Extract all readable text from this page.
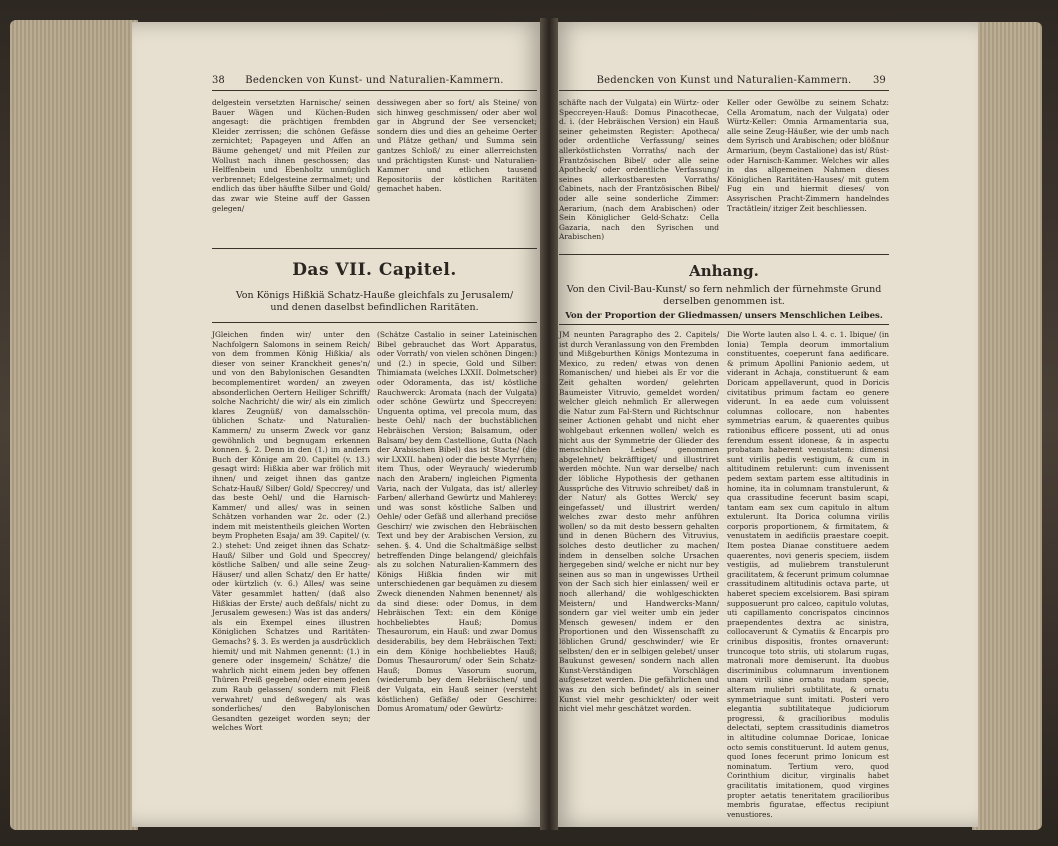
38	Bedencken von Kunst- und Naturalien-Kammern.

delgestein versetzten Harnische/ seinen Bauer Wägen und Küchen-Buden angesagt: die prächtigen frembden Kleider zerrissen; die schönen Gefässe zernichtet; Papageyen und Affen an Bäume gehenget/ und mit Pfeilen zur Wollust nach ihnen geschossen; das Helffenbein und Ebenholtz unmüglich verbrennet; Edelgesteine zermalmet; und endlich das über häuffte Silber und Gold/ das zwar wie Steine auff der Gassen gelegen/

dessiwegen aber so fort/ als Steine/ von sich hinweg geschmissen/ oder aber wol gar in Abgrund der See versencket; sondern dies und dies an geheime Oerter und Plätze gethan/ und Summa sein gantzes Schloß/ zu einer allerreichsten und prächtigsten Kunst- und Naturalien-Kammer und etlichen tausend Repositoriis der köstlichen Raritäten gemachet haben.

Das VII. Capitel.
Von Königs Hißkiä Schatz-Hauße gleichfals zu Jerusalem/
und denen daselbst befindlichen Raritäten.

JGleichen finden wir/ unter den Nachfolgern Salomons in seinem Reich/ von dem frommen König Hißkia/ als dieser von seiner Kranckheit genes'n/ und von den Babylonischen Gesandten becomplementiret worden/ an zweyen absonderlichen Oertern Heiliger Schrifft/ solche Nachricht/ die wir/ als ein zimlich klares Zeugnüß/ von damalsschön-üblichen Schatz- und Naturalien-Kammern/ zu unserm Zweck vor ganz gewöhnlich und begnugam erkennen konnen. §. 2. Denn in den (1.) im andern Buch der Könige am 20. Capitel (v. 13.) gesagt wird: Hißkia aber war frölich mit ihnen/ und zeiget ihnen das gantze Schatz-Hauß/ Silber/ Gold/ Speccrey/ und das beste Oehl/ und die Harnisch-Kammer/ und alles/ was in seinen Schätzen vorhanden war 2c. oder (2.) indem mit meistentheils gleichen Worten beym Propheten Esaja/ am 39. Capitel/ (v. 2.) stehet: Und zeiget ihnen das Schatz-Hauß/ Silber und Gold und Speccrey/ köstliche Salben/ und alle seine Zeug-Häuser/ und allen Schatz/ den Er hatte/ oder kürtzlich (v. 6.) Alles/ was seine Väter gesammlet hatten/ (daß also Hißkias der Erste/ auch deßfals/ nicht zu Jerusalem gewesen:) Was ist das anders/ als ein Exempel eines illustren Königlichen Schatzes und Raritäten-Gemachs? §. 3. Es werden ja ausdrücklich hiemit/ und mit Nahmen genennt: (1.) in genere oder insgemein/ Schätze/ die wahrlich nicht einem jeden bey offenen Thüren Preiß gegeben/ oder einem jeden zum Raub gelassen/ sondern mit Fleiß verwahret/ und deßwegen/ als was sonderliches/ den Babylonischen Gesandten gezeiget worden seyn; der welches Wort

(Schätze Castalio in seiner Lateinischen Bibel gebrauchet das Wort Apparatus, oder Vorrath/ von vielen schönen Dingen:) und (2.) in specie, Gold und Silber: Thimiamata (welches LXXII. Dolmetscher) oder Odoramenta, das ist/ köstliche Rauchwerck: Aromata (nach der Vulgata) oder schöne Gewürtz und Speccreyen: Unguenta optima, vel precola mum, das beste Oehl/ nach der buchstäblichen Hebräischen Version; Balsamum, oder Balsam/ bey dem Castellione, Gutta (Nach der Arabischen Bibel) das ist Stacte/ (die wir LXXII. haben) oder die beste Myrrhen; item Thus, oder Weyrauch/ wiederumb nach den Arabern/ ingleichen Pigmenta Varia, nach der Vulgata, das ist/ allerley Farben/ allerhand Gewürtz und Mahlerey: und was sonst köstliche Salben und Oehle/ oder Gefäß und allerhand preciöse Geschirr/ wie zwischen den Hebräischen Text und bey der Arabischen Version, zu sehen. §. 4. Und die Schaltmäßige selbst betreffenden Dinge belangend/ gleichfals als zu solchen Naturalien-Kammern des Königs Hißkia finden wir mit unterschiedenen gar bequämen zu diesem Zweck dienenden Nahmen benennet/ als da sind diese: oder Domus, in dem Hebräischen Text: ein dem Könige hochbeliebtes Hauß; Domus Thesaurorum, ein Hauß: und zwar Domus desiderabilis, bey dem Hebräischen Text: ein dem Könige hochbeliebtes Hauß; Domus Thesaurorum/ oder Sein Schatz-Hauß; Domus Vasorum suorum, (wiederumb bey dem Hebräischen/ und der Vulgata, ein Hauß seiner (versteht köstlichen) Gefäße/ oder Geschirre: Domus Aromatum/ oder Gewürtz-

Bedencken von Kunst und Naturalien-Kammern.	39

schäfte nach der Vulgata) ein Würtz- oder Speccreyen-Hauß: Domus Pinacothecae, d. i. (der Hebräischen Version) ein Hauß seiner geheimsten Register: Apotheca/ oder ordentliche Verfassung/ seines allerköstlichsten Vorraths/ nach der Frantzösischen Bibel/ oder alle seine Apotheck/ oder ordentliche Verfassung/ seines allerkostbaresten Vorraths/ Cabinets, nach der Frantzösischen Bibel/ oder alle seine sonderliche Zimmer: Aerarium, (nach dem Arabischen) oder Sein Königlicher Geld-Schatz: Cella Gazaria, nach den Syrischen und Arabischen)

Keller oder Gewölbe zu seinem Schatz: Cella Aromatum, nach der Vulgata) oder Würtz-Keller: Omnia Armamentaria sua, alle seine Zeug-Häußer, wie der umb nach dem Syrisch und Arabischen; oder blößnur Armarium, (beym Castalione) das ist/ Rüst- oder Harnisch-Kammer. Welches wir alles in das allgemeinen Nahmen dieses Königlichen Raritäten-Hauses/ mit gutem Fug ein und hiermit dieses/ von Assyrischen Pracht-Zimmern handelndes Tractätlein/ itziger Zeit beschliessen.

Anhang.
Von den Civil-Bau-Kunst/ so fern nehmlich der fürnehmste Grund
derselben genommen ist.
Von der Proportion der Gliedmassen/ unsers Menschlichen Leibes.

JM neunten Paragrapho des 2. Capitels/ ist durch Veranlassung von den Frembden und Mißgeburthen Königs Montezuma in Mexico, zu reden/ etwas von denen Romanischen/ und hiebei als Er vor die Zeit gehalten worden/ gelehrten Baumeister Vitruvio, gemeldet worden/ welcher gleich nehmlich Er allerwegen die Natur zum Fal-Stern und Richtschnur seiner Actionen gehabt und nicht eher wohlgebaut erkennen wollen/ welch es nicht aus der Symmetrie der Glieder des menschlichen Leibes/ genommen abgelehnet/ bekräfftiget/ und illustriret werden möchte. Nun war derselbe/ nach der löbliche Hypothesis der gethanen Aussprüche des Vitruvio schreibet/ daß in der Natur/ als Gottes Werck/ sey eingefasset/ und illustrirt werden/ welches zwar desto mehr anführen wollen/ so da mit desto bessern gehalten und in denen Büchern des Vitruvius, solches desto deutlicher zu machen/ indem in denselben solche Ursachen hergegeben sind/ welche er nicht nur bey seinen aus so man in ungewisses Urtheil von der Sach sich hier einlassen/ weil er noch allerhand/ die wohlgeschickten Meistern/ und Handwercks-Mann/ sondern gar viel weiter umb ein jeder Mensch gewesen/ indem er den Proportionen und den Wissenschafft zu löblichen Grund/ geschwinder/ wie Er selbsten/ den er in selbigen gelebet/ unser Baukunst gewesen/ sondern nach allen Kunst-Verständigen Vorschlägen aufgesetzet werden. Die gefährlichen und was zu den sich befindet/ als in seiner Kunst viel mehr geschickter/ oder weit nicht viel mehr geschätzet worden.

Die Worte lauten also l. 4. c. 1. Ibique/ (in Ionia) Templa deorum immortalium constituentes, coeperunt fana aedificare. & primum Apollini Panionio aedem, ut viderant in Achaja, constituerunt & eam Doricam appellaverunt, quod in Doricis civitatibus primum factam eo genere viderunt. In ea aede cum voluissent columnas collocare, non habentes symmetrias earum, & quaerentes quibus rationibus efficere possent, uti ad onus ferendum essent idoneae, & in aspectu probatam haberent venustatem: dimensi sunt virilis pedis vestigium, & cum in altitudinem retulerunt: cum invenissent pedem sextam partem esse altitudinis in homine, ita in columnam transtulerunt, & qua crassitudine fecerunt basim scapi, tantam eam sex cum capitulo in altum extulerunt. Ita Dorica columna virilis corporis proportionem, & firmitatem, & venustatem in aedificiis praestare coepit. Item postea Dianae constituere aedem quaerentes, novi generis speciem, iisdem vestigiis, ad muliebrem transtulerunt gracilitatem, & fecerunt primum columnae crassitudinem altitudinis octava parte, ut haberet speciem excelsiorem. Basi spiram supposuerunt pro calceo, capitulo volutas, uti capillamento concrispatos cincinnos praependentes dextra ac sinistra, collocaverunt & Cymatiis & Encarpis pro crinibus dispositis, frontes ornaverunt: truncoque toto striis, uti stolarum rugas, matronali more demiserunt. Ita duobus discriminibus columnarum inventionem unam virili sine ornatu nudam specie, alteram muliebri subtilitate, & ornatu symmetriaque sunt imitati. Posteri vero elegantia subtilitateque judiciorum progressi, & gracilioribus modulis delectati, septem crassitudinis diametros in altitudine columnae Doricae, Ionicae octo semis constituerunt. Id autem genus, quod Iones fecerunt primo Ionicum est nominatum. Tertium vero, quod Corinthium dicitur, virginalis habet gracilitatis imitationem, quod virgines propter aetatis teneritatem gracilioribus membris figuratae, effectus recipiunt venustiores.
